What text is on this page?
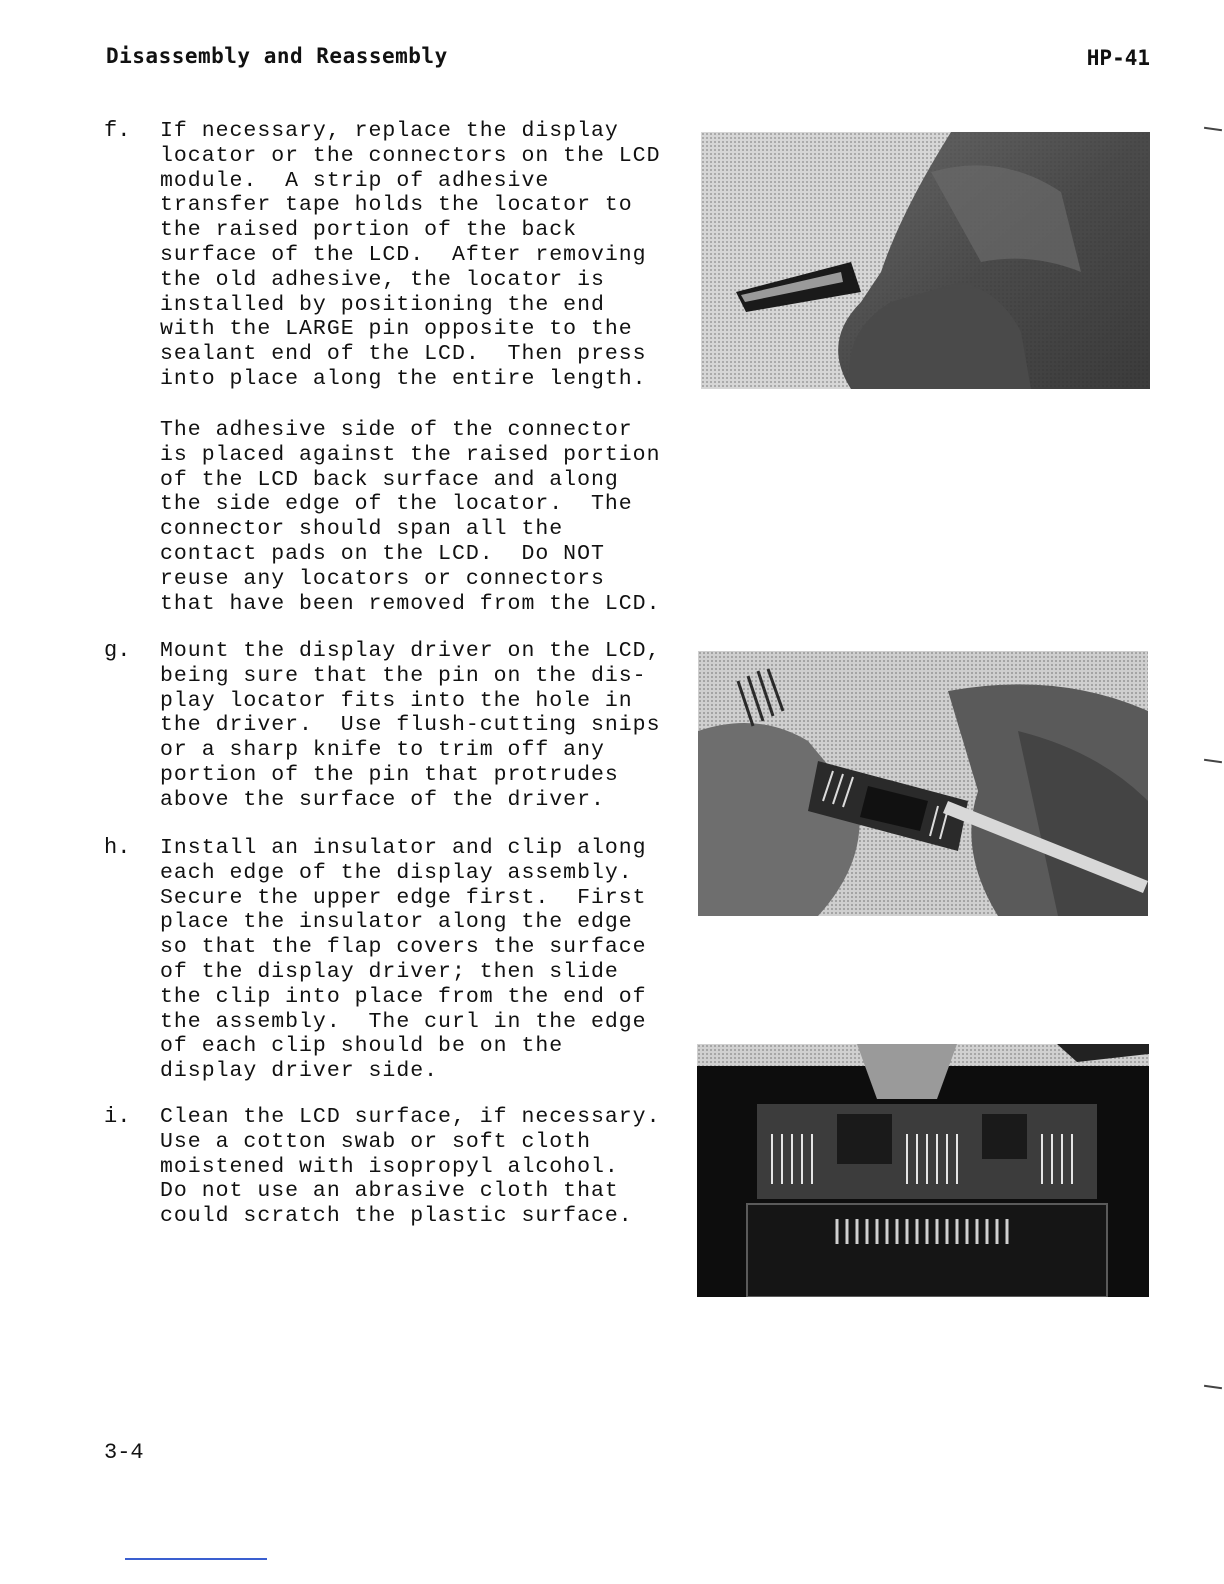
Disassembly and Reassembly	HP-41
f. If necessary, replace the display
locator or the connectors on the LCD
module.  A strip of adhesive
transfer tape holds the locator to
the raised portion of the back
surface of the LCD.  After removing
the old adhesive, the locator is
installed by positioning the end
with the LARGE pin opposite to the
sealant end of the LCD.  Then press
into place along the entire length.
The adhesive side of the connector
is placed against the raised portion
of the LCD back surface and along
the side edge of the locator.  The
connector should span all the
contact pads on the LCD.  Do NOT
reuse any locators or connectors
that have been removed from the LCD.
g. Mount the display driver on the LCD,
being sure that the pin on the dis-
play locator fits into the hole in
the driver.  Use flush-cutting snips
or a sharp knife to trim off any
portion of the pin that protrudes
above the surface of the driver.
h. Install an insulator and clip along
each edge of the display assembly.
Secure the upper edge first.  First
place the insulator along the edge
so that the flap covers the surface
of the display driver; then slide
the clip into place from the end of
the assembly.  The curl in the edge
of each clip should be on the
display driver side.
i. Clean the LCD surface, if necessary.
Use a cotton swab or soft cloth
moistened with isopropyl alcohol.
Do not use an abrasive cloth that
could scratch the plastic surface.
3-4
